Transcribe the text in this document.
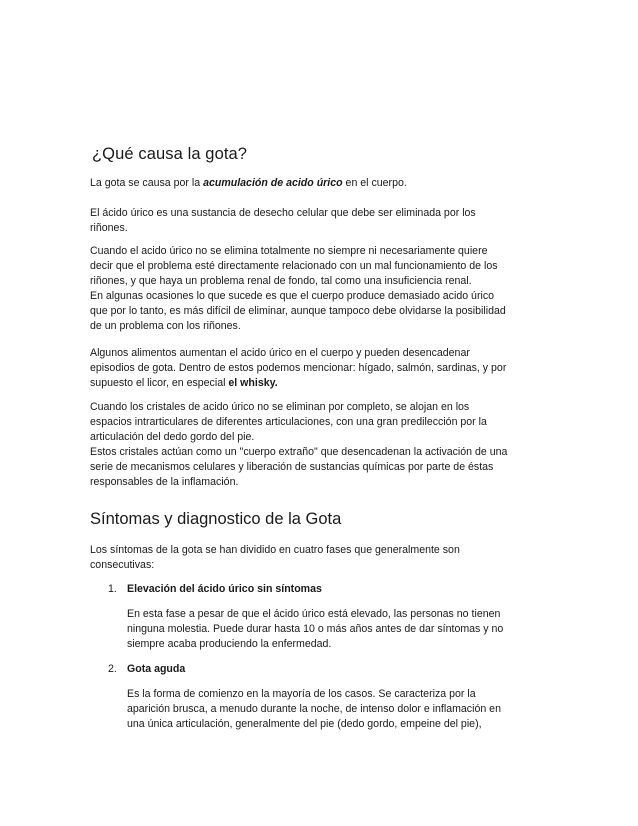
¿Qué causa la gota?

La gota se causa por la acumulación de acido úrico en el cuerpo.

El ácido úrico es una sustancia de desecho celular que debe ser eliminada por los
riñones.

Cuando el acido úrico no se elimina totalmente no siempre ni necesariamente quiere
decir que el problema esté directamente relacionado con un mal funcionamiento de los
riñones, y que haya un problema renal de fondo, tal como una insuficiencia renal.
En algunas ocasiones lo que sucede es que el cuerpo produce demasiado acido úrico
que por lo tanto, es más difícil de eliminar, aunque tampoco debe olvidarse la posibilidad
de un problema con los riñones.

Algunos alimentos aumentan el acido úrico en el cuerpo y pueden desencadenar
episodios de gota. Dentro de estos podemos mencionar: hígado, salmón, sardinas, y por
supuesto el licor, en especial el whisky.

Cuando los cristales de acido úrico no se eliminan por completo, se alojan en los
espacios intrarticulares de diferentes articulaciones, con una gran predilección por la
articulación del dedo gordo del pie.
Estos cristales actúan como un "cuerpo extraño" que desencadenan la activación de una
serie de mecanismos celulares y liberación de sustancias químicas por parte de éstas
responsables de la inflamación.

Síntomas y diagnostico de la Gota

Los síntomas de la gota se han dividido en cuatro fases que generalmente son
consecutivas:

1. Elevación del ácido úrico sin síntomas
En esta fase a pesar de que el ácido úrico está elevado, las personas no tienen
ninguna molestia. Puede durar hasta 10 o más años antes de dar síntomas y no
siempre acaba produciendo la enfermedad.
2. Gota aguda
Es la forma de comienzo en la mayoría de los casos. Se caracteriza por la
aparición brusca, a menudo durante la noche, de intenso dolor e inflamación en
una única articulación, generalmente del pie (dedo gordo, empeine del pie),
